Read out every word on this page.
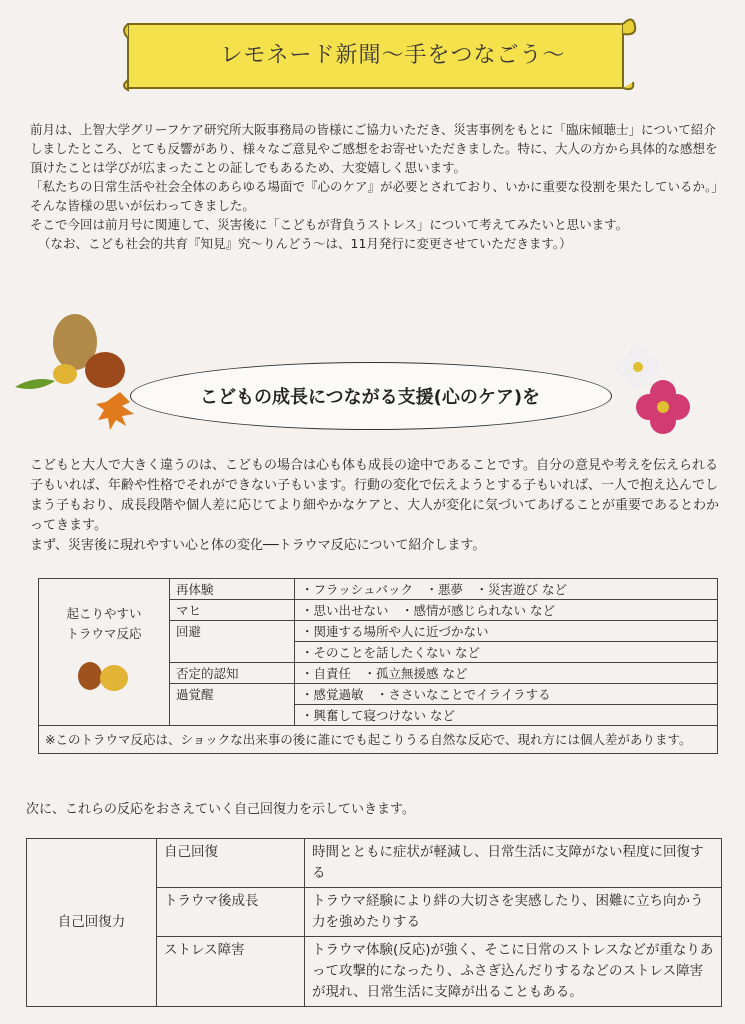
レモネード新聞〜手をつなごう〜

前月は、上智大学グリーフケア研究所大阪事務局の皆様にご協力いただき、災害事例をもとに「臨床傾聴士」について紹介しましたところ、とても反響があり、様々なご意見やご感想をお寄せいただきました。特に、大人の方から具体的な感想を頂けたことは学びが広まったことの証しでもあるため、大変嬉しく思います。

「私たちの日常生活や社会全体のあらゆる場面で『心のケア』が必要とされており、いかに重要な役割を果たしているか。」そんな皆様の思いが伝わってきました。

そこで今回は前月号に関連して、災害後に「こどもが背負うストレス」について考えてみたいと思います。

（なお、こども社会的共育『知見』究〜りんどう〜は、11月発行に変更させていただきます。）

こどもの成長につながる支援(心のケア)を

こどもと大人で大きく違うのは、こどもの場合は心も体も成長の途中であることです。自分の意見や考えを伝えられる子もいれば、年齢や性格でそれができない子もいます。行動の変化で伝えようとする子もいれば、一人で抱え込んでしまう子もおり、成長段階や個人差に応じてより細やかなケアと、大人が変化に気づいてあげることが重要であるとわかってきます。

まず、災害後に現れやすい心と体の変化──トラウマ反応について紹介します。

起こりやすい
トラウマ反応	再体験	・フラッシュバック　・悪夢　・災害遊び など
	マヒ	・思い出せない　・感情が感じられない など
	回避	・関連する場所や人に近づかない
		・そのことを話したくない など
	否定的認知	・自責任　・孤立無援感 など
	過覚醒	・感覚過敏　・ささいなことでイライラする
		・興奮して寝つけない など
※このトラウマ反応は、ショックな出来事の後に誰にでも起こりうる自然な反応で、現れ方には個人差があります。		
次に、これらの反応をおさえていく自己回復力を示していきます。
自己回復力	自己回復	時間とともに症状が軽減し、日常生活に支障がない程度に回復する
	トラウマ後成長	トラウマ経験により絆の大切さを実感したり、困難に立ち向かう力を強めたりする
	ストレス障害	トラウマ体験(反応)が強く、そこに日常のストレスなどが重なりあって攻撃的になったり、ふさぎ込んだりするなどのストレス障害が現れ、日常生活に支障が出ることもある。
